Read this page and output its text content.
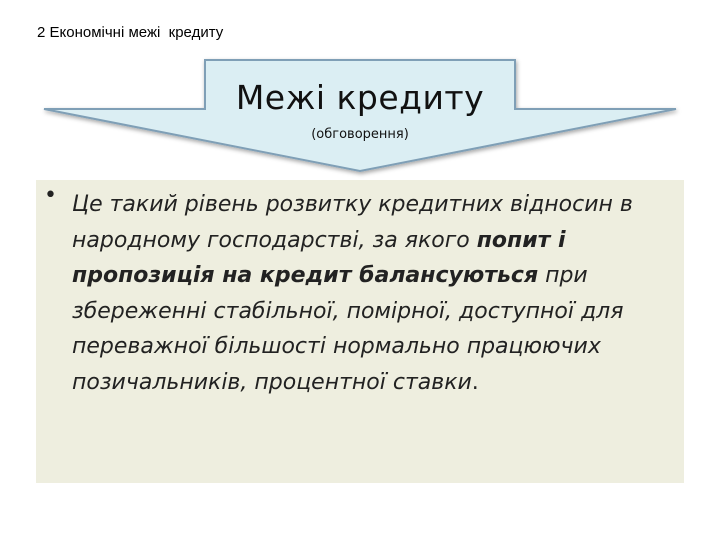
2 Економічні межі  кредиту
Межі кредиту
(обговорення)
• Це такий рівень розвитку кредитних відносин в народному господарстві, за якого попит і пропозиція на кредит балансуються при збереженні стабільної, помірної, доступної для переважної більшості нормально працюючих позичальників, процентної ставки.
